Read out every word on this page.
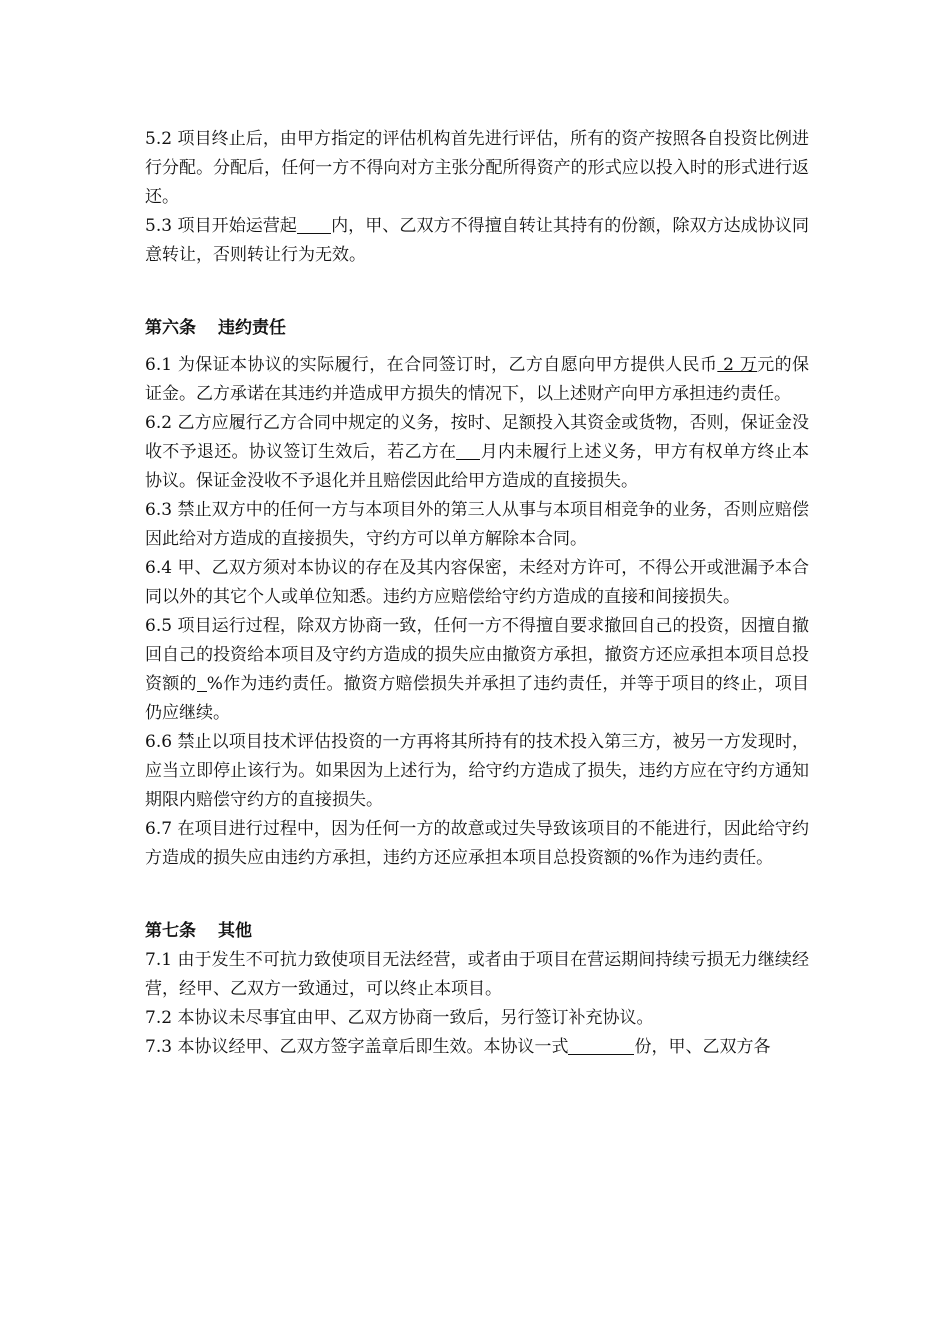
5.2 项目终止后，由甲方指定的评估机构首先进行评估，所有的资产按照各自投资比例进行分配。分配后，任何一方不得向对方主张分配所得资产的形式应以投入时的形式进行返还。

5.3 项目开始运营起 内，甲、乙双方不得擅自转让其持有的份额，除双方达成协议同意转让，否则转让行为无效。

第六条 违约责任

6.1 为保证本协议的实际履行，在合同签订时，乙方自愿向甲方提供人民币 2 万元的保证金。乙方承诺在其违约并造成甲方损失的情况下，以上述财产向甲方承担违约责任。

6.2 乙方应履行乙方合同中规定的义务，按时、足额投入其资金或货物，否则，保证金没收不予退还。协议签订生效后，若乙方在 月内未履行上述义务，甲方有权单方终止本协议。保证金没收不予退化并且赔偿因此给甲方造成的直接损失。

6.3 禁止双方中的任何一方与本项目外的第三人从事与本项目相竞争的业务，否则应赔偿因此给对方造成的直接损失，守约方可以单方解除本合同。

6.4 甲、乙双方须对本协议的存在及其内容保密，未经对方许可，不得公开或泄漏予本合同以外的其它个人或单位知悉。违约方应赔偿给守约方造成的直接和间接损失。

6.5 项目运行过程，除双方协商一致，任何一方不得擅自要求撤回自己的投资，因擅自撤回自己的投资给本项目及守约方造成的损失应由撤资方承担，撤资方还应承担本项目总投资额的 %作为违约责任。撤资方赔偿损失并承担了违约责任，并等于项目的终止，项目仍应继续。

6.6 禁止以项目技术评估投资的一方再将其所持有的技术投入第三方，被另一方发现时，应当立即停止该行为。如果因为上述行为，给守约方造成了损失，违约方应在守约方通知期限内赔偿守约方的直接损失。

6.7 在项目进行过程中，因为任何一方的故意或过失导致该项目的不能进行，因此给守约方造成的损失应由违约方承担，违约方还应承担本项目总投资额的%作为违约责任。

第七条 其他

7.1 由于发生不可抗力致使项目无法经营，或者由于项目在营运期间持续亏损无力继续经营，经甲、乙双方一致通过，可以终止本项目。

7.2 本协议未尽事宜由甲、乙双方协商一致后，另行签订补充协议。

7.3 本协议经甲、乙双方签字盖章后即生效。本协议一式	份，甲、乙双方各
